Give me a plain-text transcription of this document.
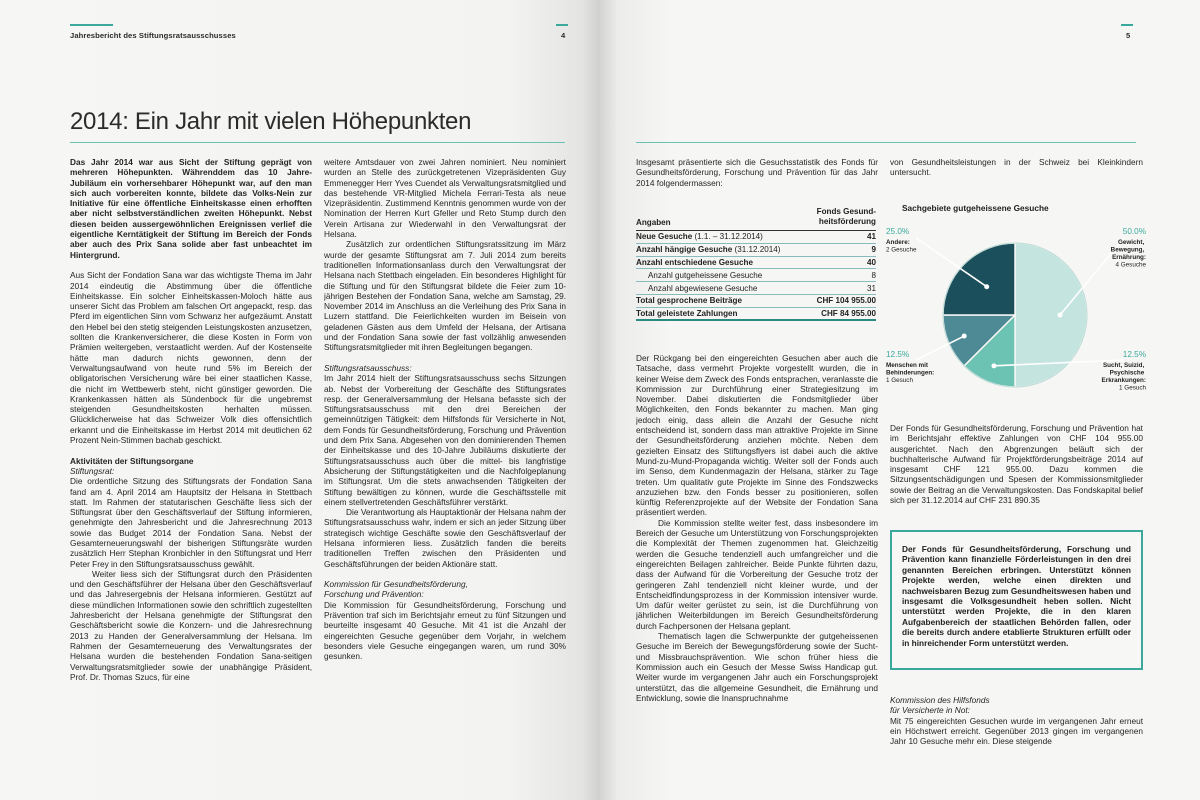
Jahresbericht des Stiftungsratsausschusses	4
2014: Ein Jahr mit vielen Höhepunkten

Das Jahr 2014 war aus Sicht der Stiftung geprägt von mehreren Höhepunkten. Währenddem das 10 Jahre-Jubiläum ein vorhersehbarer Höhepunkt war, auf den man sich auch vorbereiten konnte, bildete das Volks-Nein zur Initiative für eine öffentliche Einheitskasse einen erhofften aber nicht selbstverständlichen zweiten Höhepunkt. Nebst diesen beiden aussergewöhnlichen Ereignissen verlief die eigentliche Kerntätigkeit der Stiftung im Bereich der Fonds aber auch des Prix Sana solide aber fast unbeachtet im Hintergrund.

Aus Sicht der Fondation Sana war das wichtigste Thema im Jahr 2014 eindeutig die Abstimmung über die öffentliche Einheitskasse. Ein solcher Einheitskassen-Moloch hätte aus unserer Sicht das Problem am falschen Ort angepackt, resp. das Pferd im eigentlichen Sinn vom Schwanz her aufgezäumt. Anstatt den Hebel bei den stetig steigenden Leistungskosten anzusetzen, sollten die Krankenversicherer, die diese Kosten in Form von Prämien weitergeben, verstaatlicht werden. Auf der Kostenseite hätte man dadurch nichts gewonnen, denn der Verwaltungsaufwand von heute rund 5% im Bereich der obligatorischen Versicherung wäre bei einer staatlichen Kasse, die nicht im Wettbewerb steht, nicht günstiger geworden. Die Krankenkassen hätten als Sündenbock für die ungebremst steigenden Gesundheitskosten herhalten müssen. Glücklicherweise hat das Schweizer Volk dies offensichtlich erkannt und die Einheitskasse im Herbst 2014 mit deutlichen 62 Prozent Nein-Stimmen bachab geschickt.

Aktivitäten der Stiftungsorgane

Stiftungsrat:

Die ordentliche Sitzung des Stiftungsrats der Fondation Sana fand am 4. April 2014 am Hauptsitz der Helsana in Stettbach statt. Im Rahmen der statutarischen Geschäfte liess sich der Stiftungsrat über den Geschäftsverlauf der Stiftung informieren, genehmigte den Jahresbericht und die Jahresrechnung 2013 sowie das Budget 2014 der Fondation Sana. Nebst der Gesamterneuerungswahl der bisherigen Stiftungsräte wurden zusätzlich Herr Stephan Kronbichler in den Stiftungsrat und Herr Peter Frey in den Stiftungsratsausschuss gewählt.

Weiter liess sich der Stiftungsrat durch den Präsidenten und den Geschäftsführer der Helsana über den Geschäftsverlauf und das Jahresergebnis der Helsana informieren. Gestützt auf diese mündlichen Informationen sowie den schriftlich zugestellten Jahresbericht der Helsana genehmigte der Stiftungsrat den Geschäftsbericht sowie die Konzern- und die Jahresrechnung 2013 zu Handen der Generalversammlung der Helsana. Im Rahmen der Gesamterneuerung des Verwaltungsrates der Helsana wurden die bestehenden Fondation Sana-seitigen Verwaltungsratsmitglieder sowie der unabhängige Präsident, Prof. Dr. Thomas Szucs, für eine

weitere Amtsdauer von zwei Jahren nominiert. Neu nominiert wurden an Stelle des zurückgetretenen Vizepräsidenten Guy Emmenegger Herr Yves Cuendet als Verwaltungsratsmitglied und das bestehende VR-Mitglied Michela Ferrari-Testa als neue Vizepräsidentin. Zustimmend Kenntnis genommen wurde von der Nomination der Herren Kurt Gfeller und Reto Stump durch den Verein Artisana zur Wiederwahl in den Verwaltungsrat der Helsana.

Zusätzlich zur ordentlichen Stiftungsratssitzung im März wurde der gesamte Stiftungsrat am 7. Juli 2014 zum bereits traditionellen Informationsanlass durch den Verwaltungsrat der Helsana nach Stettbach eingeladen. Ein besonderes Highlight für die Stiftung und für den Stiftungsrat bildete die Feier zum 10-jährigen Bestehen der Fondation Sana, welche am Samstag, 29. November 2014 im Anschluss an die Verleihung des Prix Sana in Luzern stattfand. Die Feierlichkeiten wurden im Beisein von geladenen Gästen aus dem Umfeld der Helsana, der Artisana und der Fondation Sana sowie der fast vollzählig anwesenden Stiftungsratsmitglieder mit ihren Begleitungen begangen.

Stiftungsratsausschuss:

Im Jahr 2014 hielt der Stiftungsratsausschuss sechs Sitzungen ab. Nebst der Vorbereitung der Geschäfte des Stiftungsrates resp. der Generalversammlung der Helsana befasste sich der Stiftungsratsausschuss mit den drei Bereichen der gemeinnützigen Tätigkeit: dem Hilfsfonds für Versicherte in Not, dem Fonds für Gesundheitsförderung, Forschung und Prävention und dem Prix Sana. Abgesehen von den dominierenden Themen der Einheitskasse und des 10-Jahre Jubiläums diskutierte der Stiftungsratsausschuss auch über die mittel- bis langfristige Absicherung der Stiftungstätigkeiten und die Nachfolgeplanung im Stiftungsrat. Um die stets anwachsenden Tätigkeiten der Stiftung bewältigen zu können, wurde die Geschäftsstelle mit einem stellvertretenden Geschäftsführer verstärkt.

Die Verantwortung als Hauptaktionär der Helsana nahm der Stiftungsratsausschuss wahr, indem er sich an jeder Sitzung über strategisch wichtige Geschäfte sowie den Geschäftsverlauf der Helsana informieren liess. Zusätzlich fanden die bereits traditionellen Treffen zwischen den Präsidenten und Geschäftsführungen der beiden Aktionäre statt.

Kommission für Gesundheitsförderung,

Forschung und Prävention:

Die Kommission für Gesundheitsförderung, Forschung und Prävention traf sich im Berichtsjahr erneut zu fünf Sitzungen und beurteilte insgesamt 40 Gesuche. Mit 41 ist die Anzahl der eingereichten Gesuche gegenüber dem Vorjahr, in welchem besonders viele Gesuche eingegangen waren, um rund 30% gesunken.

5

Insgesamt präsentierte sich die Gesuchsstatistik des Fonds für Gesundheitsförderung, Forschung und Prävention für das Jahr 2014 folgendermassen:

Der Rückgang bei den eingereichten Gesuchen aber auch die Tatsache, dass vermehrt Projekte vorgestellt wurden, die in keiner Weise dem Zweck des Fonds entsprachen, veranlasste die Kommission zur Durchführung einer Strategiesitzung im November. Dabei diskutierten die Fondsmitglieder über Möglichkeiten, den Fonds bekannter zu machen. Man ging jedoch einig, dass allein die Anzahl der Gesuche nicht entscheidend ist, sondern dass man attraktive Projekte im Sinne der Gesundheitsförderung anziehen möchte. Neben dem gezielten Einsatz des Stiftungsflyers ist dabei auch die aktive Mund-zu-Mund-Propaganda wichtig. Weiter soll der Fonds auch im Senso, dem Kundenmagazin der Helsana, stärker zu Tage treten. Um qualitativ gute Projekte im Sinne des Fondszwecks anzuziehen bzw. den Fonds besser zu positionieren, sollen künftig Referenzprojekte auf der Website der Fondation Sana präsentiert werden.

Die Kommission stellte weiter fest, dass insbesondere im Bereich der Gesuche um Unterstützung von Forschungsprojekten die Komplexität der Themen zugenommen hat. Gleichzeitig werden die Gesuche tendenziell auch umfangreicher und die eingereichten Beilagen zahlreicher. Beide Punkte führten dazu, dass der Aufwand für die Vorbereitung der Gesuche trotz der geringeren Zahl tendenziell nicht kleiner wurde, und der Entscheidfindungsprozess in der Kommission intensiver wurde. Um dafür weiter gerüstet zu sein, ist die Durchführung von jährlichen Weiterbildungen im Bereich Gesundheitsförderung durch Fachpersonen der Helsana geplant.

Thematisch lagen die Schwerpunkte der gutgeheissenen Gesuche im Bereich der Bewegungsförderung sowie der Sucht- und Missbrauchsprävention. Wie schon früher hiess die Kommission auch ein Gesuch der Messe Swiss Handicap gut. Weiter wurde im vergangenen Jahr auch ein Forschungsprojekt unterstützt, das die allgemeine Gesundheit, die Ernährung und Entwicklung, sowie die Inanspruchnahme

von Gesundheitsleistungen in der Schweiz bei Kleinkindern untersucht.

Der Fonds für Gesundheitsförderung, Forschung und Prävention hat im Berichtsjahr effektive Zahlungen von CHF 104 955.00 ausgerichtet. Nach den Abgrenzungen beläuft sich der buchhalterische Aufwand für Projektförderungsbeiträge 2014 auf insgesamt CHF 121 955.00. Dazu kommen die Sitzungsentschädigungen und Spesen der Kommissionsmitglieder sowie der Beitrag an die Verwaltungskosten. Das Fondskapital belief sich per 31.12.2014 auf CHF 231 890.35

Kommission des Hilfsfonds

für Versicherte in Not:

Mit 75 eingereichten Gesuchen wurde im vergangenen Jahr erneut ein Höchstwert erreicht. Gegenüber 2013 gingen im vergangenen Jahr 10 Gesuche mehr ein. Diese steigende

Angaben	Fonds Gesund-
heitsförderung
Neue Gesuche (1.1. – 31.12.2014)	41
Anzahl hängige Gesuche (31.12.2014)	9
Anzahl entschiedene Gesuche	40
Anzahl gutgeheissene Gesuche	8
Anzahl abgewiesene Gesuche	31
Total gesprochene Beiträge	CHF 104 955.00
Total geleistete Zahlungen	CHF 84 955.00
Sachgebiete gutgeheissene Gesuche
50.0%
Gewicht, Bewegung, Ernährung:
4 Gesuche
12.5%
Sucht, Suizid, Psychische Erkrankungen:
1 Gesuch
12.5%
Menschen mit Behinderungen:
1 Gesuch
25.0%
Andere:
2 Gesuche
Der Fonds für Gesundheitsförderung, Forschung und Prävention kann finanzielle Förderleistungen in den drei genannten Bereichen erbringen. Unterstützt können Projekte werden, welche einen direkten und nachweisbaren Bezug zum Gesundheitswesen haben und insgesamt die Volksgesundheit heben sollen. Nicht unterstützt werden Projekte, die in den klaren Aufgabenbereich der staatlichen Behörden fallen, oder die bereits durch andere etablierte Strukturen erfüllt oder in hinreichender Form unterstützt werden.
